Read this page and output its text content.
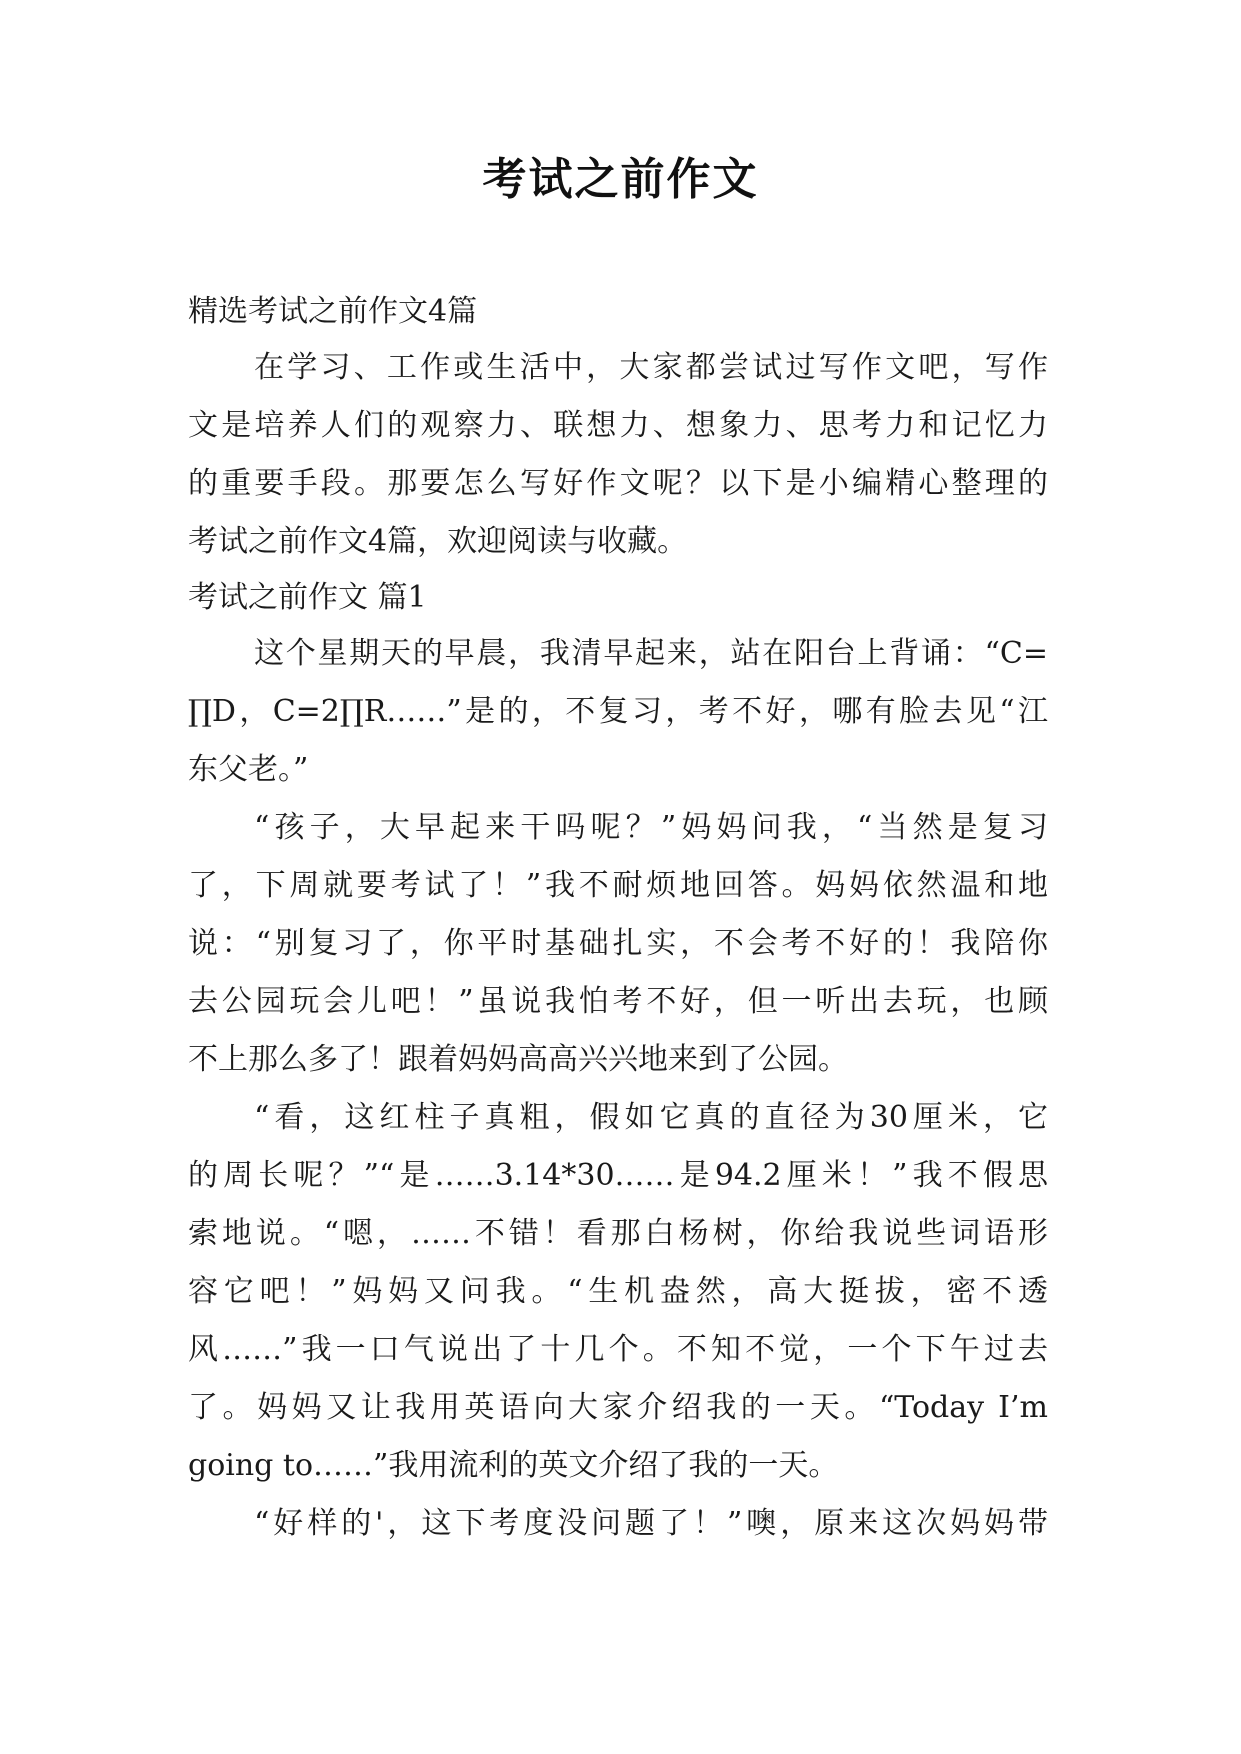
考试之前作文
精选考试之前作文4篇
在学习、工作或生活中，大家都尝试过写作文吧，写作
文是培养人们的观察力、联想力、想象力、思考力和记忆力
的重要手段。那要怎么写好作文呢？以下是小编精心整理的
考试之前作文4篇，欢迎阅读与收藏。
考试之前作文 篇1
这个星期天的早晨，我清早起来，站在阳台上背诵：“C=
∏D，C=2∏R……”是的，不复习，考不好，哪有脸去见“江
东父老。”
“孩子，大早起来干吗呢？”妈妈问我，“当然是复习
了，下周就要考试了！”我不耐烦地回答。妈妈依然温和地
说：“别复习了，你平时基础扎实，不会考不好的！我陪你
去公园玩会儿吧！”虽说我怕考不好，但一听出去玩，也顾
不上那么多了！跟着妈妈高高兴兴地来到了公园。
“看，这红柱子真粗，假如它真的直径为30厘米，它
的周长呢？”“是……3.14*30……是94.2厘米！”我不假思
索地说。“嗯，……不错！看那白杨树，你给我说些词语形
容它吧！”妈妈又问我。“生机盎然，高大挺拔，密不透
风……”我一口气说出了十几个。不知不觉，一个下午过去
了。妈妈又让我用英语向大家介绍我的一天。“Today I’m
going to……”我用流利的英文介绍了我的一天。
“好样的'，这下考度没问题了！”噢，原来这次妈妈带
